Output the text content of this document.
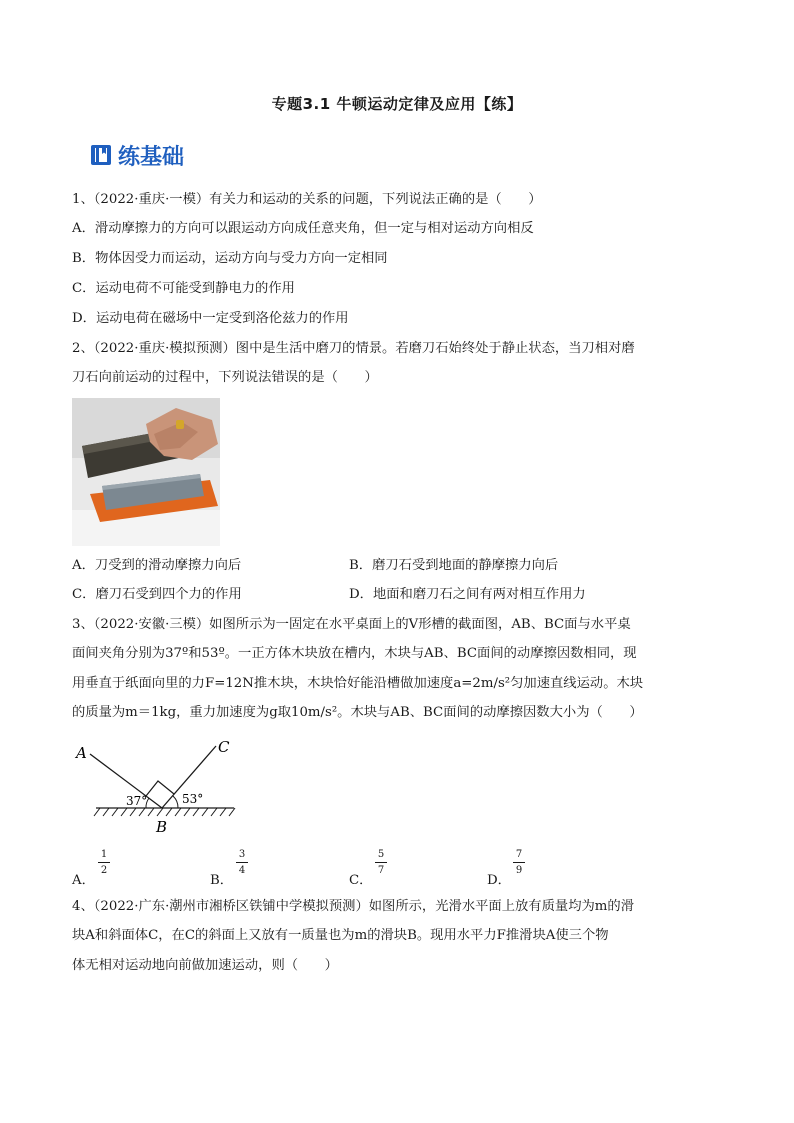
专题3.1 牛顿运动定律及应用【练】
练基础
1、（2022·重庆·一模）有关力和运动的关系的问题，下列说法正确的是（　　）
A．滑动摩擦力的方向可以跟运动方向成任意夹角，但一定与相对运动方向相反
B．物体因受力而运动，运动方向与受力方向一定相同
C．运动电荷不可能受到静电力的作用
D．运动电荷在磁场中一定受到洛伦兹力的作用
2、（2022·重庆·模拟预测）图中是生活中磨刀的情景。若磨刀石始终处于静止状态，当刀相对磨
刀石向前运动的过程中，下列说法错误的是（　　）
A．刀受到的滑动摩擦力向后	B．磨刀石受到地面的静摩擦力向后
C．磨刀石受到四个力的作用	D．地面和磨刀石之间有两对相互作用力
3、（2022·安徽·三模）如图所示为一固定在水平桌面上的V形槽的截面图，AB、BC面与水平桌
面间夹角分别为37º和53º。一正方体木块放在槽内，木块与AB、BC面间的动摩擦因数相同，现
用垂直于纸面向里的力F=12N推木块，木块恰好能沿槽做加速度a=2m/s²匀加速直线运动。木块
的质量为m＝1kg，重力加速度为g取10m/s²。木块与AB、BC面间的动摩擦因数大小为（　　）
A	C
B
37°	53°
A．
1
2
B．
3
4
C．
5
7
D．
7
9
4、（2022·广东·潮州市湘桥区铁铺中学模拟预测）如图所示，光滑水平面上放有质量均为m的滑
块A和斜面体C，在C的斜面上又放有一质量也为m的滑块B。现用水平力F推滑块A使三个物
体无相对运动地向前做加速运动，则（　　）
